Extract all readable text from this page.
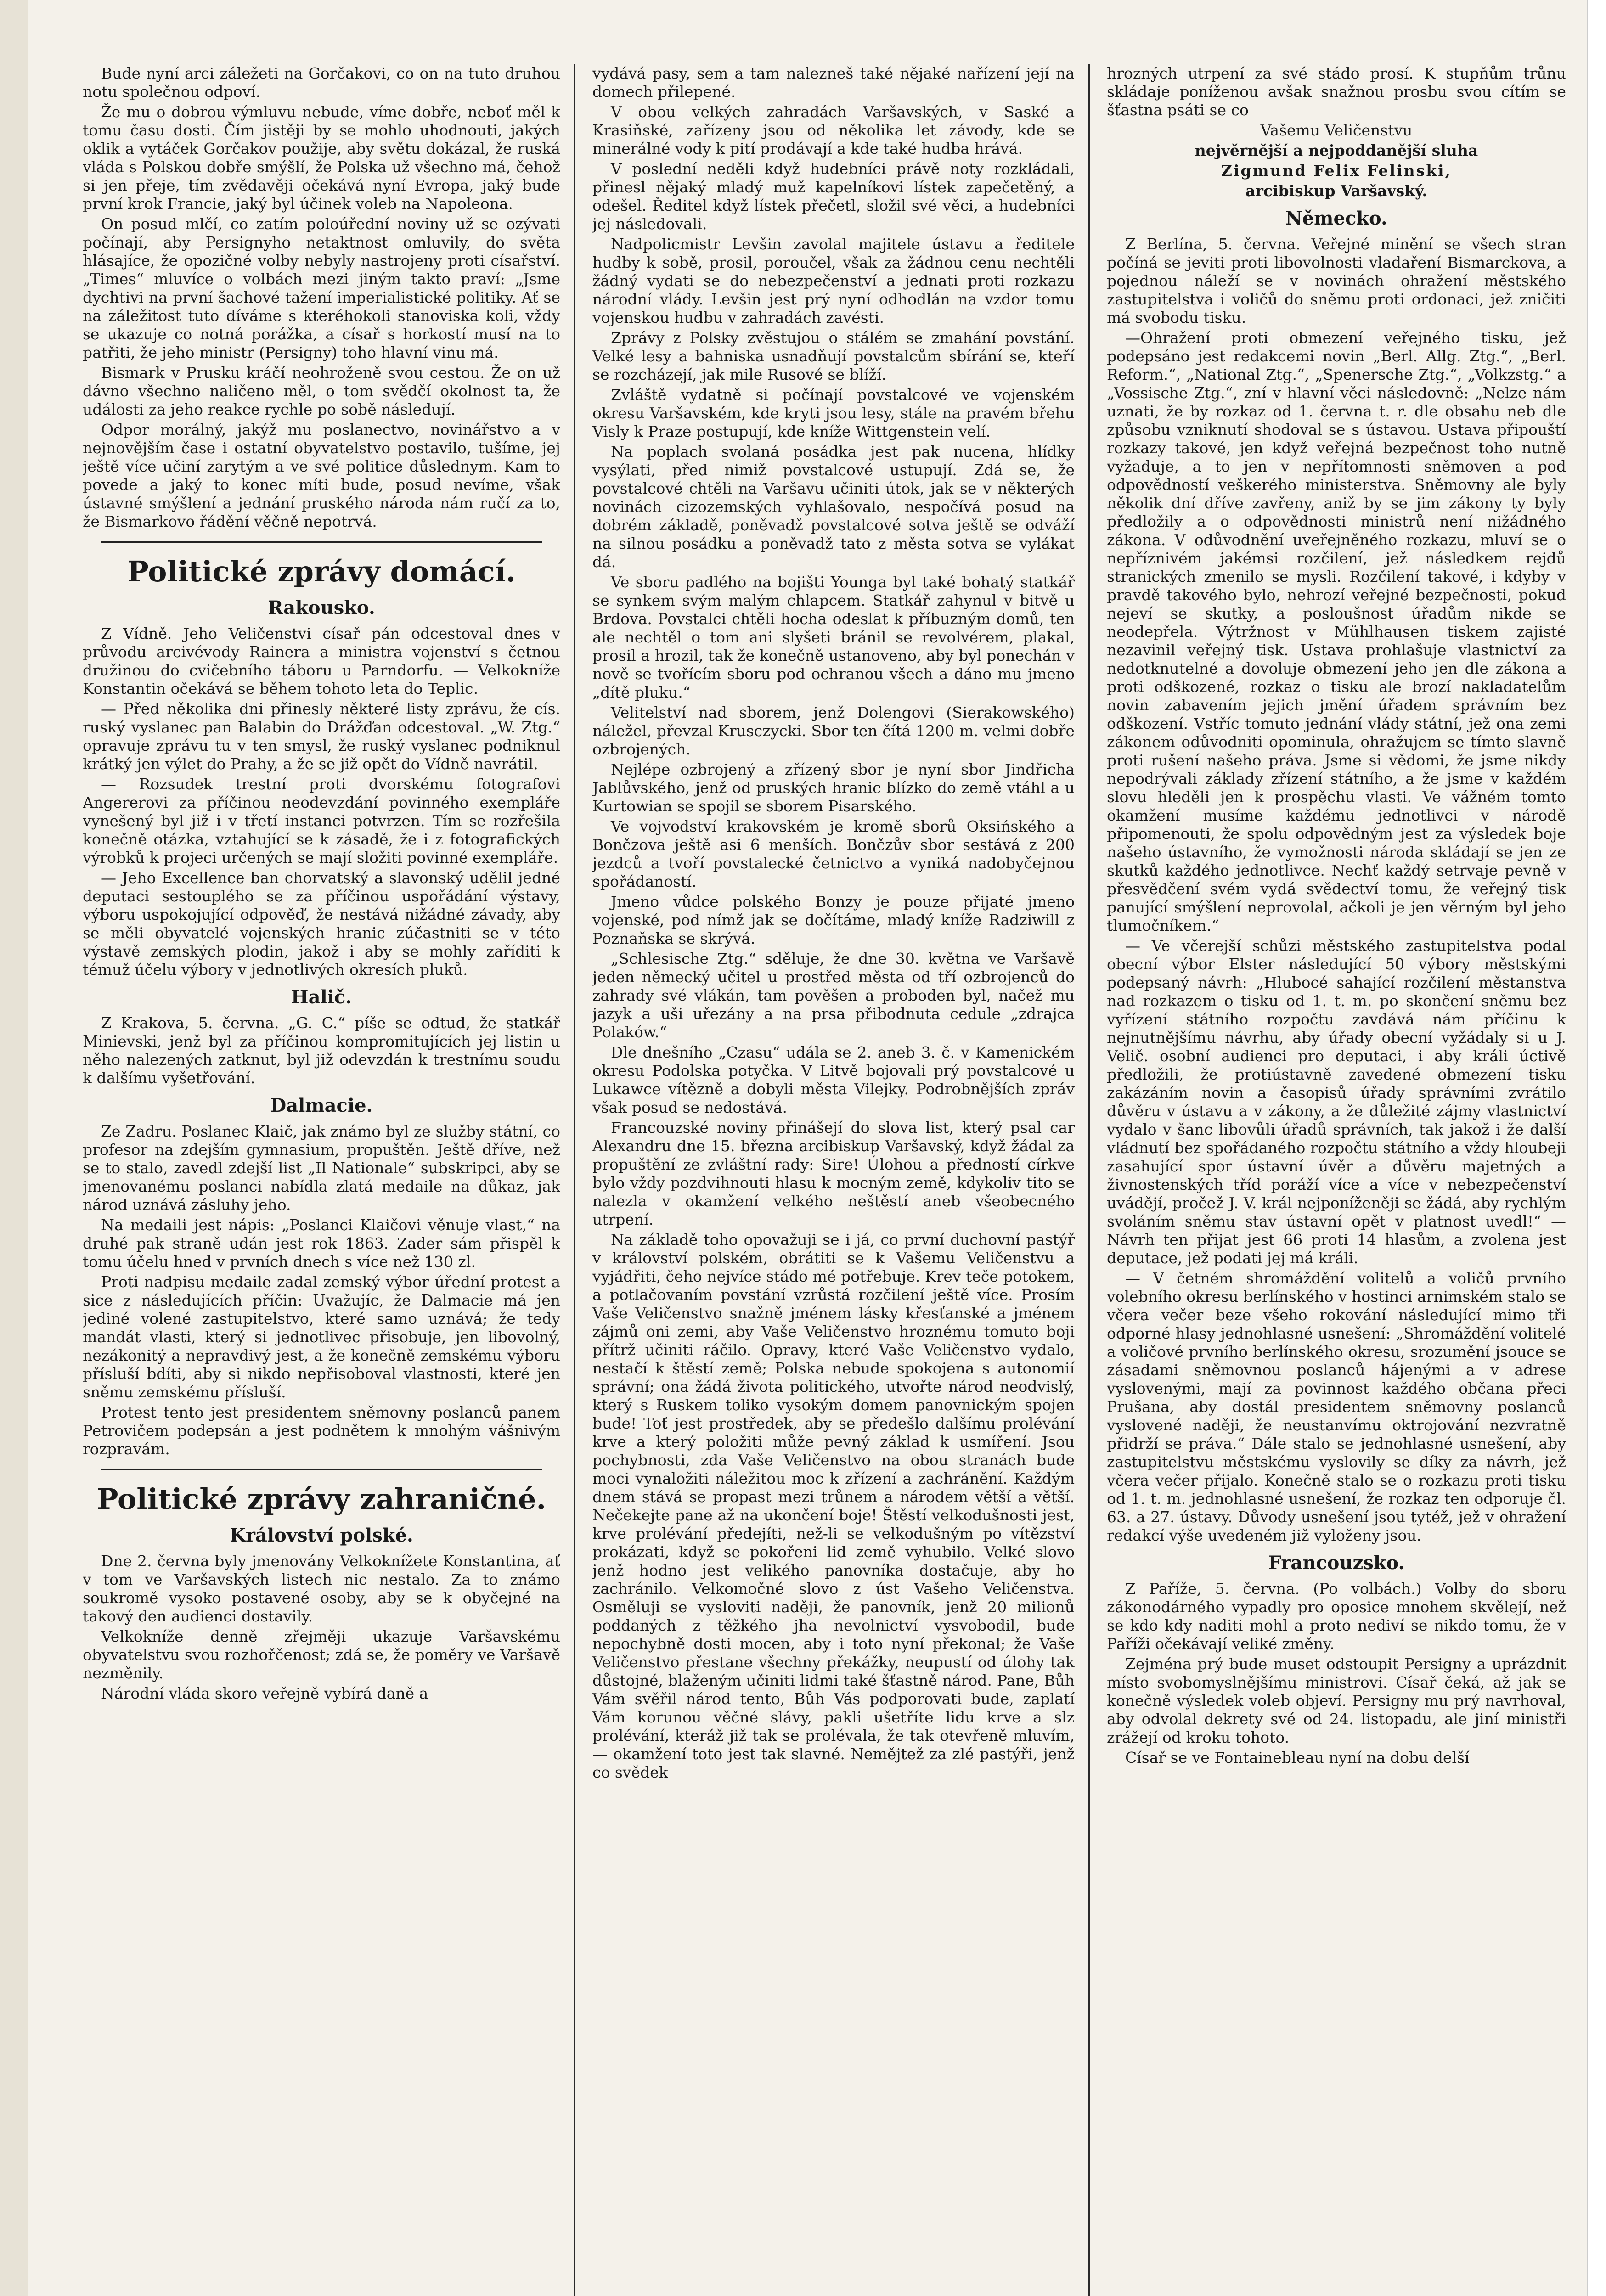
Bude nyní arci záležeti na Gorčakovi, co on na tuto druhou notu společnou odpoví.

Že mu o dobrou výmluvu nebude, víme dobře, neboť měl k tomu času dosti. Čím jistěji by se mohlo uhodnouti, jakých oklik a vytáček Gorčakov použije, aby světu dokázal, že ruská vláda s Polskou dobře smýšlí, že Polska už všechno má, čehož si jen přeje, tím zvědavěji očekává nyní Evropa, jaký bude první krok Francie, jaký byl účinek voleb na Napoleona.

On posud mlčí, co zatím poloúřední noviny už se ozývati počínají, aby Persignyho netaktnost omluvily, do světa hlásajíce, že opozičné volby nebyly nastrojeny proti císařství. „Times“ mluvíce o volbách mezi jiným takto praví: „Jsme dychtivi na první šachové tažení imperialistické politiky. Ať se na záležitost tuto díváme s kteréhokoli stanoviska koli, vždy se ukazuje co notná porážka, a císař s horkostí musí na to patřiti, že jeho ministr (Persigny) toho hlavní vinu má.

Bismark v Prusku kráčí neohroženě svou cestou. Že on už dávno všechno naličeno měl, o tom svědčí okolnost ta, že události za jeho reakce rychle po sobě následují.

Odpor morálný, jakýž mu poslanectvo, novinářstvo a v nejnovějším čase i ostatní obyvatelstvo postavilo, tušíme, jej ještě více učiní zarytým a ve své politice důslednym. Kam to povede a jaký to konec míti bude, posud nevíme, však ústavné smýšlení a jednání pruského národa nám ručí za to, že Bismarkovo řádění věčně nepotrvá.

Politické zprávy domácí.
Rakousko.

Z Vídně. Jeho Veličenstvi císař pán odcestoval dnes v průvodu arcivévody Rainera a ministra vojenství s četnou družinou do cvičebního táboru u Parndorfu. — Velkokníže Konstantin očekává se během tohoto leta do Teplic.

— Před několika dni přinesly některé listy zprávu, že cís. ruský vyslanec pan Balabin do Drážďan odcestoval. „W. Ztg.“ opravuje zprávu tu v ten smysl, že ruský vyslanec podniknul krátký jen výlet do Prahy, a že se již opět do Vídně navrátil.

— Rozsudek trestní proti dvorskému fotografovi Angererovi za příčinou neodevzdání povinného exempláře vynešený byl již i v třetí instanci potvrzen. Tím se rozřešila konečně otázka, vztahující se k zásadě, že i z fotografických výrobků k projeci určených se mají složiti povinné exempláře.

— Jeho Excellence ban chorvatský a slavonský udělil jedné deputaci sestouplého se za příčinou uspořádání výstavy, výboru uspokojující odpověď, že nestává nižádné závady, aby se měli obyvatelé vojenských hranic zúčastniti se v této výstavě zemských plodin, jakož i aby se mohly zaříditi k témuž účelu výbory v jednotlivých okresích pluků.

Halič.

Z Krakova, 5. června. „G. C.“ píše se odtud, že statkář Minievski, jenž byl za příčinou kompromitujících jej listin u něho nalezených zatknut, byl již odevzdán k trestnímu soudu k dalšímu vyšetřování.

Dalmacie.

Ze Zadru. Poslanec Klaič, jak známo byl ze služby státní, co profesor na zdejším gymnasium, propuštěn. Ještě dříve, než se to stalo, zavedl zdejší list „Il Nationale“ subskripci, aby se jmenovanému poslanci nabídla zlatá medaile na důkaz, jak národ uznává zásluhy jeho.

Na medaili jest nápis: „Poslanci Klaičovi věnuje vlast,“ na druhé pak straně udán jest rok 1863. Zader sám přispěl k tomu účelu hned v prvních dnech s více než 130 zl.

Proti nadpisu medaile zadal zemský výbor úřední protest a sice z následujících příčin: Uvažujíc, že Dalmacie má jen jediné volené zastupitelstvo, které samo uznává; že tedy mandát vlasti, který si jednotlivec přisobuje, jen libovolný, nezákonitý a nepravdivý jest, a že konečně zemskému výboru přísluší bdíti, aby si nikdo nepřisoboval vlastnosti, které jen sněmu zemskému přísluší.

Protest tento jest presidentem sněmovny poslanců panem Petrovičem podepsán a jest podnětem k mnohým vášnivým rozpravám.

Politické zprávy zahraničné.
Království polské.

Dne 2. června byly jmenovány Velkoknížete Konstantina, ať v tom ve Varšavských listech nic nestalo. Za to známo soukromě vysoko postavené osoby, aby se k obyčejné na takový den audienci dostavily.

Velkokníže denně zřejměji ukazuje Varšavskému obyvatelstvu svou rozhořčenost; zdá se, že poměry ve Varšavě nezměnily.

Národní vláda skoro veřejně vybírá daně a

vydává pasy, sem a tam nalezneš také nějaké nařízení její na domech přilepené.

V obou velkých zahradách Varšavských, v Saské a Krasiňské, zařízeny jsou od několika let závody, kde se minerálné vody k pití prodávají a kde také hudba hrává.

V poslední neděli když hudebníci právě noty rozkládali, přinesl nějaký mladý muž kapelníkovi lístek zapečetěný, a odešel. Ředitel když lístek přečetl, složil své věci, a hudebníci jej následovali.

Nadpolicmistr Levšin zavolal majitele ústavu a ředitele hudby k sobě, prosil, poroučel, však za žádnou cenu nechtěli žádný vydati se do nebezpečenství a jednati proti rozkazu národní vlády. Levšin jest prý nyní odhodlán na vzdor tomu vojenskou hudbu v zahradách zavésti.

Zprávy z Polsky zvěstujou o stálém se zmahání povstání. Velké lesy a bahniska usnadňují povstalcům sbírání se, kteří se rozcházejí, jak mile Rusové se blíží.

Zvláště vydatně si počínají povstalcové ve vojenském okresu Varšavském, kde kryti jsou lesy, stále na pravém břehu Visly k Praze postupují, kde kníže Wittgenstein velí.

Na poplach svolaná posádka jest pak nucena, hlídky vysýlati, před nimiž povstalcové ustupují. Zdá se, že povstalcové chtěli na Varšavu učiniti útok, jak se v některých novinách cizozemských vyhlašovalo, nespočívá posud na dobrém základě, poněvadž povstalcové sotva ještě se odváží na silnou posádku a poněvadž tato z města sotva se vylákat dá.

Ve sboru padlého na bojišti Younga byl také bohatý statkář se synkem svým malým chlapcem. Statkář zahynul v bitvě u Brdova. Povstalci chtěli hocha odeslat k příbuzným domů, ten ale nechtěl o tom ani slyšeti bránil se revolvérem, plakal, prosil a hrozil, tak že konečně ustanoveno, aby byl ponechán v nově se tvořícím sboru pod ochranou všech a dáno mu jmeno „dítě pluku.“

Velitelství nad sborem, jenž Dolengovi (Sierakowského) náležel, převzal Krusczycki. Sbor ten čítá 1200 m. velmi dobře ozbrojených.

Nejlépe ozbrojený a zřízený sbor je nyní sbor Jindřicha Jablůvského, jenž od pruských hranic blízko do země vtáhl a u Kurtowian se spojil se sborem Pisarského.

Ve vojvodství krakovském je kromě sborů Oksińského a Bončzova ještě asi 6 menších. Bončzův sbor sestává z 200 jezdců a tvoří povstalecké četnictvo a vyniká nadobyčejnou spořádaností.

Jmeno vůdce polského Bonzy je pouze přijaté jmeno vojenské, pod nímž jak se dočítáme, mladý kníže Radziwill z Poznaňska se skrývá.

„Schlesische Ztg.“ sděluje, že dne 30. května ve Varšavě jeden německý učitel u prostřed města od tří ozbrojenců do zahrady své vlákán, tam pověšen a proboden byl, načež mu jazyk a uši uřezány a na prsa přibodnuta cedule „zdrajca Polaków.“

Dle dnešního „Czasu“ udála se 2. aneb 3. č. v Kamenickém okresu Podolska potyčka. V Litvě bojovali prý povstalcové u Lukawce vítězně a dobyli města Vilejky. Podrobnějších zpráv však posud se nedostává.

Francouzské noviny přinášejí do slova list, který psal car Alexandru dne 15. března arcibiskup Varšavský, když žádal za propuštění ze zvláštní rady: Sire! Úlohou a předností církve bylo vždy pozdvihnouti hlasu k mocným země, kdykoliv tito se nalezla v okamžení velkého neštěstí aneb všeobecného utrpení.

Na základě toho opovažuji se i já, co první duchovní pastýř v království polském, obrátiti se k Vašemu Veličenstvu a vyjádřiti, čeho nejvíce stádo mé potřebuje. Krev teče potokem, a potlačovaním povstání vzrůstá rozčilení ještě více. Prosím Vaše Veličenstvo snažně jménem lásky křesťanské a jménem zájmů oni zemi, aby Vaše Veličenstvo hroznému tomuto boji přítrž učiniti ráčilo. Opravy, které Vaše Veličenstvo vydalo, nestačí k štěstí země; Polska nebude spokojena s autonomií správní; ona žádá života politického, utvořte národ neodvislý, který s Ruskem toliko vysokým domem panovnickým spojen bude! Toť jest prostředek, aby se předešlo dalšímu prolévání krve a který položiti může pevný základ k usmíření. Jsou pochybnosti, zda Vaše Veličenstvo na obou stranách bude moci vynaložiti náležitou moc k zřízení a zachránění. Každým dnem stává se propast mezi trůnem a národem větší a větší. Nečekejte pane až na ukončení boje! Štěstí velkodušnosti jest, krve prolévání předejíti, než-li se velkodušným po vítězství prokázati, když se pokořeni lid země vyhubilo. Velké slovo jenž hodno jest velikého panovníka dostačuje, aby ho zachránilo. Velkomočné slovo z úst Vašeho Veličenstva. Osměluji se vysloviti naději, že panovník, jenž 20 milionů poddaných z těžkého jha nevolnictví vysvobodil, bude nepochybně dosti mocen, aby i toto nyní překonal; že Vaše Veličenstvo přestane všechny překážky, neupustí od úlohy tak důstojné, blaženým učiniti lidmi také šťastně národ. Pane, Bůh Vám svěřil národ tento, Bůh Vás podporovati bude, zaplatí Vám korunou věčné slávy, pakli ušetříte lidu krve a slz prolévání, kteráž již tak se prolévala, že tak otevřeně mluvím, — okamžení toto jest tak slavné. Nemějtež za zlé pastýři, jenž co svědek

hrozných utrpení za své stádo prosí. K stupňům trůnu skládaje poníženou avšak snažnou prosbu svou cítím se šťastna psáti se co

Vašemu Veličenstvu

nejvěrnější a nejpoddanější sluha

Zigmund Felix Felinski,

arcibiskup Varšavský.

Německo.

Z Berlína, 5. června. Veřejné minění se všech stran počíná se jeviti proti libovolnosti vladaření Bismarckova, a pojednou náleží se v novinách ohražení městského zastupitelstva i voličů do sněmu proti ordonaci, jež zničiti má svobodu tisku.

—Ohražení proti obmezení veřejného tisku, jež podepsáno jest redakcemi novin „Berl. Allg. Ztg.“, „Berl. Reform.“, „National Ztg.“, „Spenersche Ztg.“, „Volkzstg.“ a „Vossische Ztg.“, zní v hlavní věci následovně: „Nelze nám uznati, že by rozkaz od 1. června t. r. dle obsahu neb dle způsobu vzniknutí shodoval se s ústavou. Ustava připouští rozkazy takové, jen když veřejná bezpečnost toho nutně vyžaduje, a to jen v nepřítomnosti sněmoven a pod odpovědností veškerého ministerstva. Sněmovny ale byly několik dní dříve zavřeny, aniž by se jim zákony ty byly předložily a o odpovědnosti ministrů není nižádného zákona. V odůvodnění uveřejněného rozkazu, mluví se o nepříznivém jakémsi rozčilení, jež následkem rejdů stranických zmenilo se mysli. Rozčilení takové, i kdyby v pravdě takového bylo, nehrozí veřejné bezpečnosti, pokud nejeví se skutky, a posloušnost úřadům nikde se neodepřela. Výtržnost v Mühlhausen tiskem zajisté nezavinil veřejný tisk. Ustava prohlašuje vlastnictví za nedotknutelné a dovoluje obmezení jeho jen dle zákona a proti odškozené, rozkaz o tisku ale brozí nakladatelům novin zabavením jejich jmění úřadem správním bez odškození. Vstříc tomuto jednání vlády státní, jež ona zemi zákonem odůvodniti opominula, ohražujem se tímto slavně proti rušení našeho práva. Jsme si vědomi, že jsme nikdy nepodrývali základy zřízení státního, a že jsme v každém slovu hleděli jen k prospěchu vlasti. Ve vážném tomto okamžení musíme každému jednotlivci v národě připomenouti, že spolu odpovědným jest za výsledek boje našeho ústavního, že vymožnosti národa skládají se jen ze skutků každého jednotlivce. Nechť každý setrvaje pevně v přesvědčení svém vydá svědectví tomu, že veřejný tisk panující smýšlení neprovolal, ačkoli je jen věrným byl jeho tlumočníkem.“

— Ve včerejší schůzi městského zastupitelstva podal obecní výbor Elster následující 50 výbory městskými podepsaný návrh: „Hlubocé sahající rozčilení městanstva nad rozkazem o tisku od 1. t. m. po skončení sněmu bez vyřízení státního rozpočtu zavdává nám příčinu k nejnutnějšímu návrhu, aby úřady obecní vyžádaly si u J. Velič. osobní audienci pro deputaci, i aby králi úctivě předložili, že protiústavně zavedené obmezení tisku zakázáním novin a časopisů úřady správními zvrátilo důvěru v ústavu a v zákony, a že důležité zájmy vlastnictví vydalo v šanc libovůli úřadů správních, tak jakož i že další vládnutí bez spořádaného rozpočtu státního a vždy hloubeji zasahující spor ústavní úvěr a důvěru majetných a živnostenských tříd poráží více a více v nebezpečenství uvádějí, pročež J. V. král nejponíženěji se žádá, aby rychlým svoláním sněmu stav ústavní opět v platnost uvedl!“ — Návrh ten přijat jest 66 proti 14 hlasům, a zvolena jest deputace, jež podati jej má králi.

— V četném shromáždění volitelů a voličů prvního volebního okresu berlínského v hostinci arnimském stalo se včera večer beze všeho rokování následující mimo tři odporné hlasy jednohlasné usnešení: „Shromáždění volitelé a voličové prvního berlínského okresu, srozumění jsouce se zásadami sněmovnou poslanců hájenými a v adrese vyslovenými, mají za povinnost každého občana přeci Prušana, aby dostál presidentem sněmovny poslanců vyslovené naději, že neustanvímu oktrojování nezvratně přidrží se práva.“ Dále stalo se jednohlasné usnešení, aby zastupitelstvu městskému vyslovily se díky za návrh, jež včera večer přijalo. Konečně stalo se o rozkazu proti tisku od 1. t. m. jednohlasné usnešení, že rozkaz ten odporuje čl. 63. a 27. ústavy. Důvody usnešení jsou tytéž, jež v ohražení redakcí výše uvedeném již vyloženy jsou.

Francouzsko.

Z Paříže, 5. června. (Po volbách.) Volby do sboru zákonodárného vypadly pro oposice mnohem skvělejí, než se kdo kdy naditi mohl a proto nediví se nikdo tomu, že v Paříži očekávají veliké změny.

Zejména prý bude muset odstoupit Persigny a uprázdnit místo svobomyslnějšímu ministrovi. Císař čeká, až jak se konečně výsledek voleb objeví. Persigny mu prý navrhoval, aby odvolal dekrety své od 24. listopadu, ale jiní ministři zrážejí od kroku tohoto.

Císař se ve Fontainebleau nyní na dobu delší
